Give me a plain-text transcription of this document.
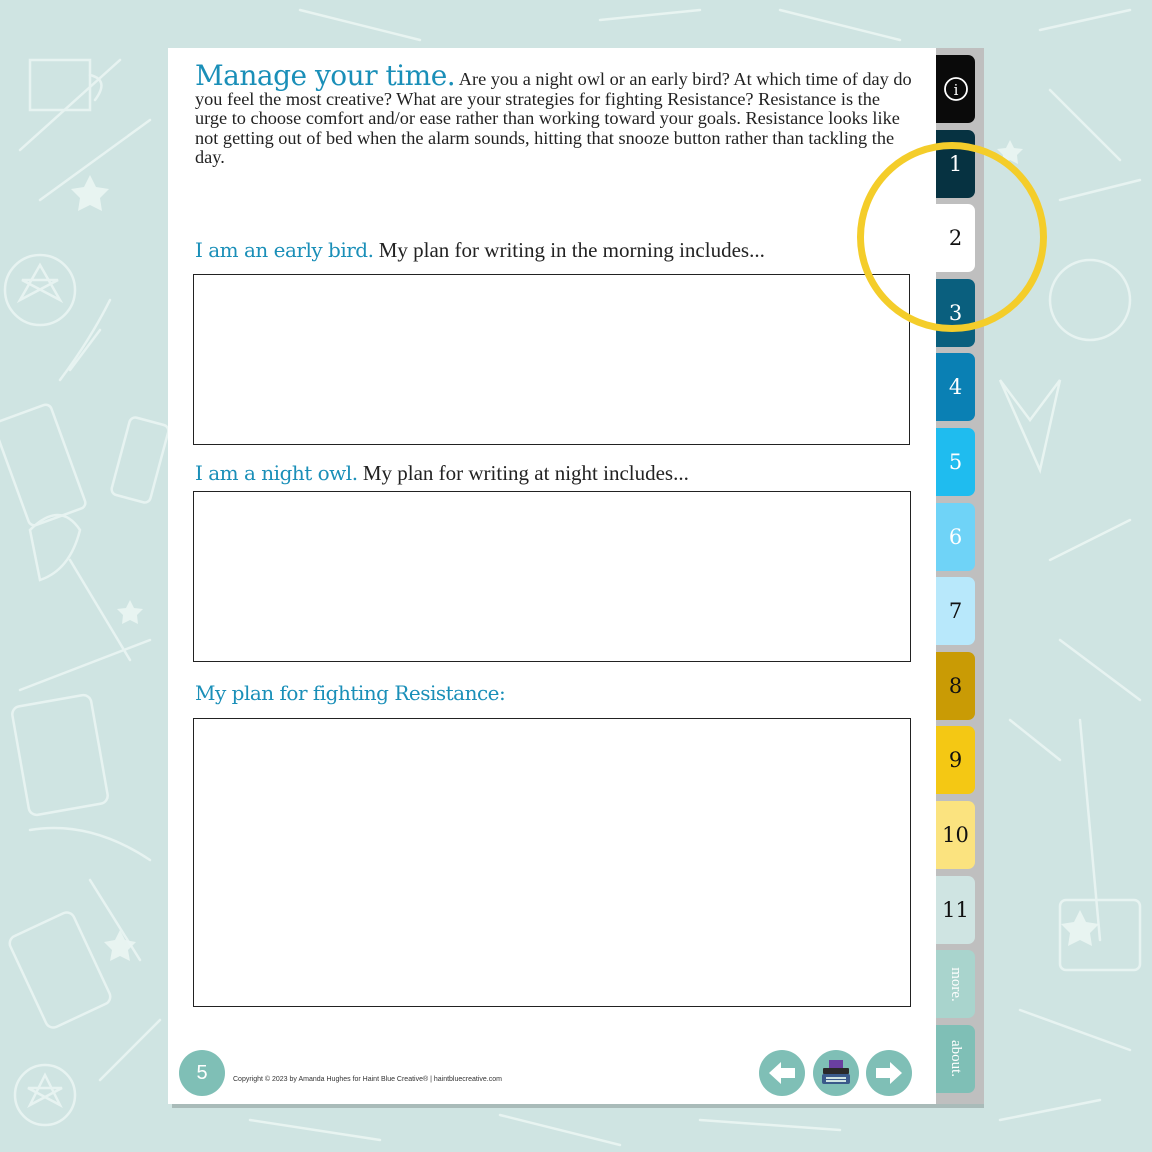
Manage your time. Are you a night owl or an early bird? At which time of day do you feel the most creative? What are your strategies for fighting Resistance? Resistance is the urge to choose comfort and/or ease rather than working toward your goals. Resistance looks like not getting out of bed when the alarm sounds, hitting that snooze button rather than tackling the day.
I am an early bird. My plan for writing in the morning includes...
I am a night owl. My plan for writing at night includes...
My plan for fighting Resistance:
5	Copyright © 2023 by Amanda Hughes for Haint Blue Creative® | haintbluecreative.com
i
1
2
3
4
5
6
7
8
9
10
11
more.
about.
